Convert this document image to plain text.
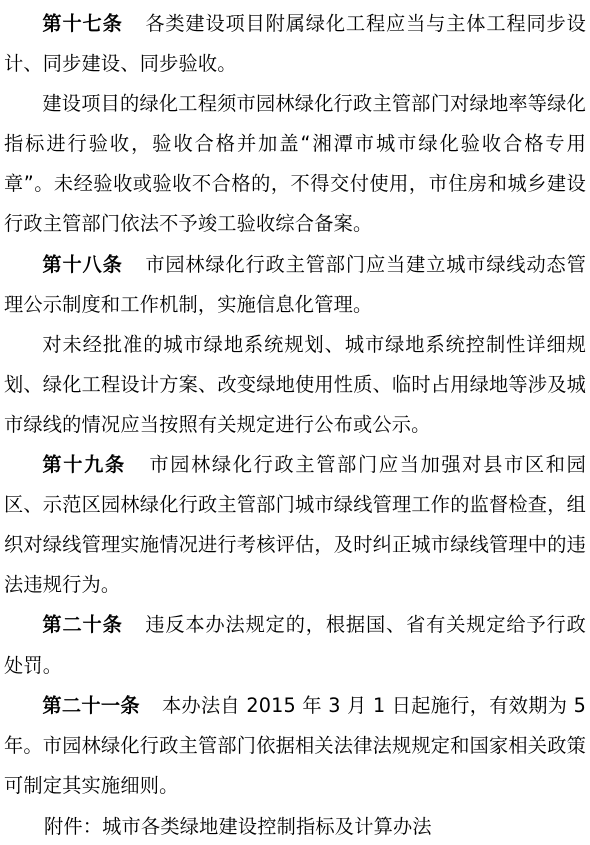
第十七条 各类建设项目附属绿化工程应当与主体工程同步设计、同步建设、同步验收。

建设项目的绿化工程须市园林绿化行政主管部门对绿地率等绿化指标进行验收，验收合格并加盖“湘潭市城市绿化验收合格专用章”。未经验收或验收不合格的，不得交付使用，市住房和城乡建设行政主管部门依法不予竣工验收综合备案。

第十八条 市园林绿化行政主管部门应当建立城市绿线动态管理公示制度和工作机制，实施信息化管理。

对未经批准的城市绿地系统规划、城市绿地系统控制性详细规划、绿化工程设计方案、改变绿地使用性质、临时占用绿地等涉及城市绿线的情况应当按照有关规定进行公布或公示。

第十九条 市园林绿化行政主管部门应当加强对县市区和园区、示范区园林绿化行政主管部门城市绿线管理工作的监督检查，组织对绿线管理实施情况进行考核评估，及时纠正城市绿线管理中的违法违规行为。

第二十条 违反本办法规定的，根据国、省有关规定给予行政处罚。

第二十一条 本办法自 2015 年 3 月 1 日起施行，有效期为 5 年。市园林绿化行政主管部门依据相关法律法规规定和国家相关政策可制定其实施细则。

附件：城市各类绿地建设控制指标及计算办法
